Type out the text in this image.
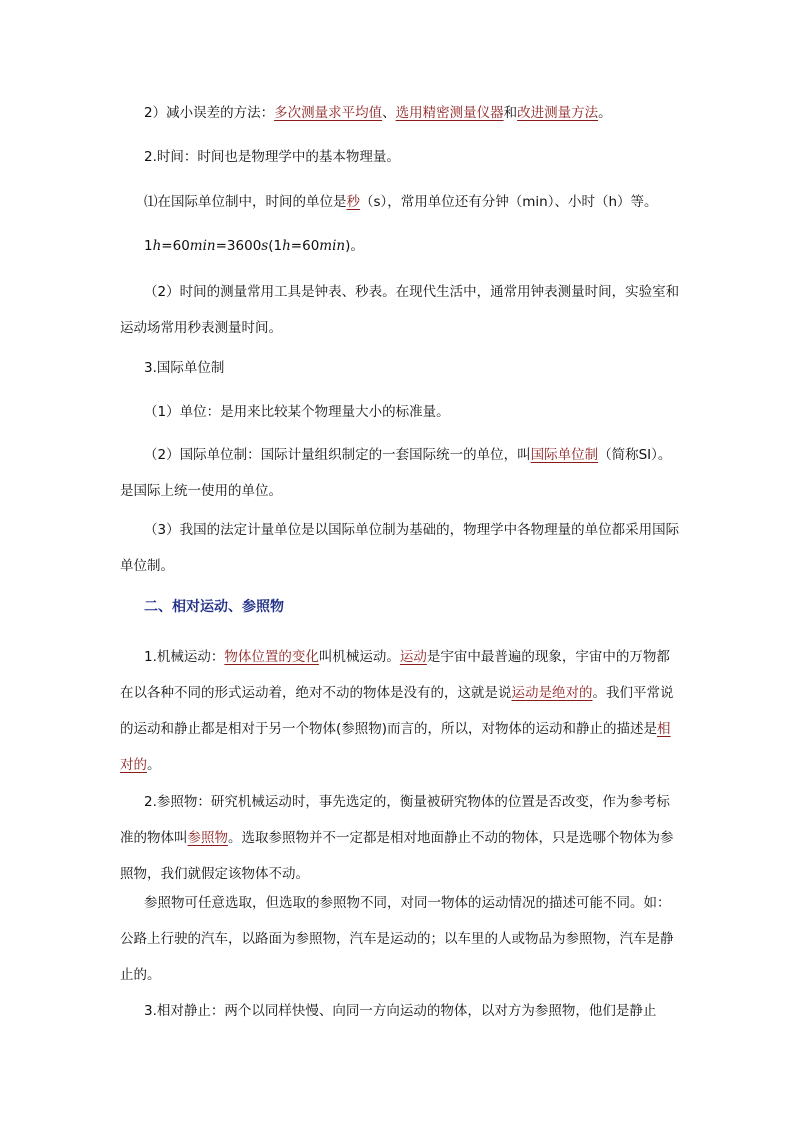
2）减小误差的方法：多次测量求平均值、选用精密测量仪器和改进测量方法。

2.时间：时间也是物理学中的基本物理量。

⑴在国际单位制中，时间的单位是秒（s），常用单位还有分钟（min）、小时（h）等。

1h=60min=3600s(1h=60min)。

（2）时间的测量常用工具是钟表、秒表。在现代生活中，通常用钟表测量时间，实验室和运动场常用秒表测量时间。

3.国际单位制

（1）单位：是用来比较某个物理量大小的标准量。

（2）国际单位制：国际计量组织制定的一套国际统一的单位，叫国际单位制（简称SI）。是国际上统一使用的单位。

（3）我国的法定计量单位是以国际单位制为基础的，物理学中各物理量的单位都采用国际单位制。

二、相对运动、参照物

1.机械运动：物体位置的变化叫机械运动。运动是宇宙中最普遍的现象，宇宙中的万物都在以各种不同的形式运动着，绝对不动的物体是没有的，这就是说运动是绝对的。我们平常说的运动和静止都是相对于另一个物体(参照物)而言的，所以，对物体的运动和静止的描述是相对的。

2.参照物：研究机械运动时，事先选定的，衡量被研究物体的位置是否改变，作为参考标准的物体叫参照物。选取参照物并不一定都是相对地面静止不动的物体，只是选哪个物体为参照物，我们就假定该物体不动。

参照物可任意选取，但选取的参照物不同，对同一物体的运动情况的描述可能不同。如：公路上行驶的汽车，以路面为参照物，汽车是运动的；以车里的人或物品为参照物，汽车是静止的。

3.相对静止：两个以同样快慢、向同一方向运动的物体，以对方为参照物，他们是静止
